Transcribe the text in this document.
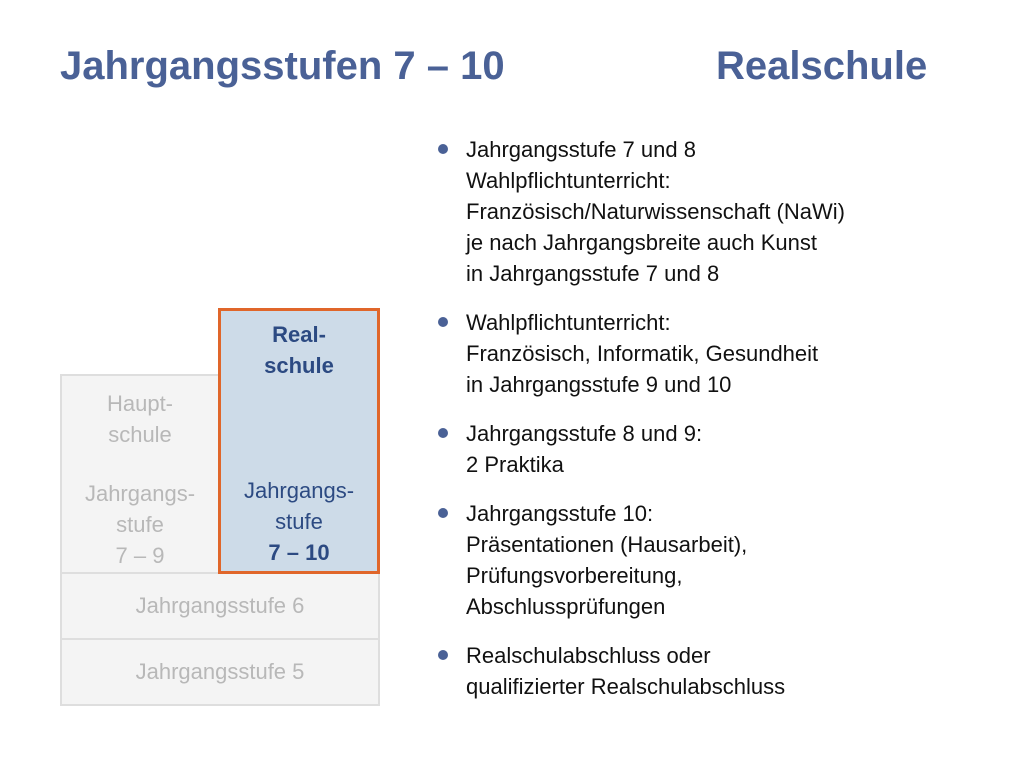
Jahrgangsstufen 7 – 10	Realschule
Haupt-
schule
Jahrgangs-
stufe
7 – 9
Jahrgangsstufe 6
Jahrgangsstufe 5
Real-
schule
Jahrgangs-
stufe
7 – 10
Jahrgangsstufe 7 und 8
Wahlpflichtunterricht:
Französisch/Naturwissenschaft (NaWi)
je nach Jahrgangsbreite auch Kunst
in Jahrgangsstufe 7 und 8
Wahlpflichtunterricht:
Französisch, Informatik, Gesundheit
in Jahrgangsstufe 9 und 10
Jahrgangsstufe 8 und 9:
2 Praktika
Jahrgangsstufe 10:
Präsentationen (Hausarbeit),
Prüfungsvorbereitung,
Abschlussprüfungen
Realschulabschluss oder
qualifizierter Realschulabschluss
